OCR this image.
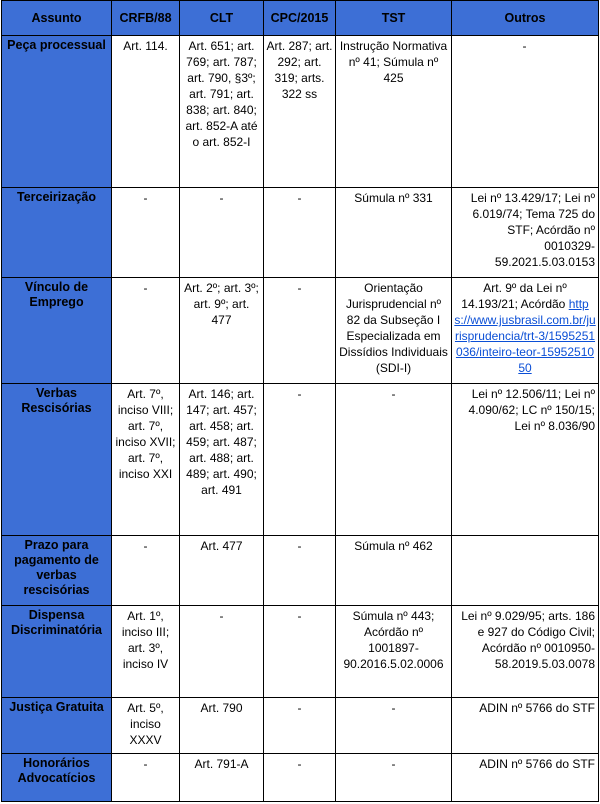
Assunto	CRFB/88	CLT	CPC/2015	TST	Outros
Peça processual	Art. 114.	Art. 651; art. 769; art. 787; art. 790, §3º; art. 791; art. 838; art. 840; art. 852-A até o art. 852-I	Art. 287; art. 292; art. 319; arts. 322 ss	Instrução Normativa nº 41; Súmula nº 425	-

Terceirização	-	-	-	Súmula nº 331	Lei nº 13.429/17; Lei nº 6.019/74; Tema 725 do STF; Acórdão nº 0010329-59.2021.5.03.0153
Vínculo de Emprego	-	Art. 2º; art. 3º; art. 9º; art. 477	-	Orientação Jurisprudencial nº 82 da Subseção I Especializada em Dissídios Individuais (SDI-I)	Art. 9º da Lei nº 14.193/21; Acórdão https://www.jusbrasil.com.br/jurisprudencia/trt-3/1595251036/inteiro-teor-1595251050
Verbas Rescisórias	Art. 7º, inciso VIII; art. 7º, inciso XVII; art. 7º, inciso XXI	Art. 146; art. 147; art. 457; art. 458; art. 459; art. 487; art. 488; art. 489; art. 490; art. 491	-	-	Lei nº 12.506/11; Lei nº 4.090/62; LC nº 150/15; Lei nº 8.036/90
Prazo para pagamento de verbas rescisórias	-	Art. 477	-	Súmula nº 462	
Dispensa Discriminatória	Art. 1º, inciso III; art. 3º, inciso IV	-	-	Súmula nº 443; Acórdão nº 1001897-90.2016.5.02.0006	Lei nº 9.029/95; arts. 186 e 927 do Código Civil; Acórdão nº 0010950-58.2019.5.03.0078
Justiça Gratuita	Art. 5º, inciso XXXV	Art. 790	-	-	ADIN nº 5766 do STF
Honorários Advocatícios	-	Art. 791-A	-	-	ADIN nº 5766 do STF
